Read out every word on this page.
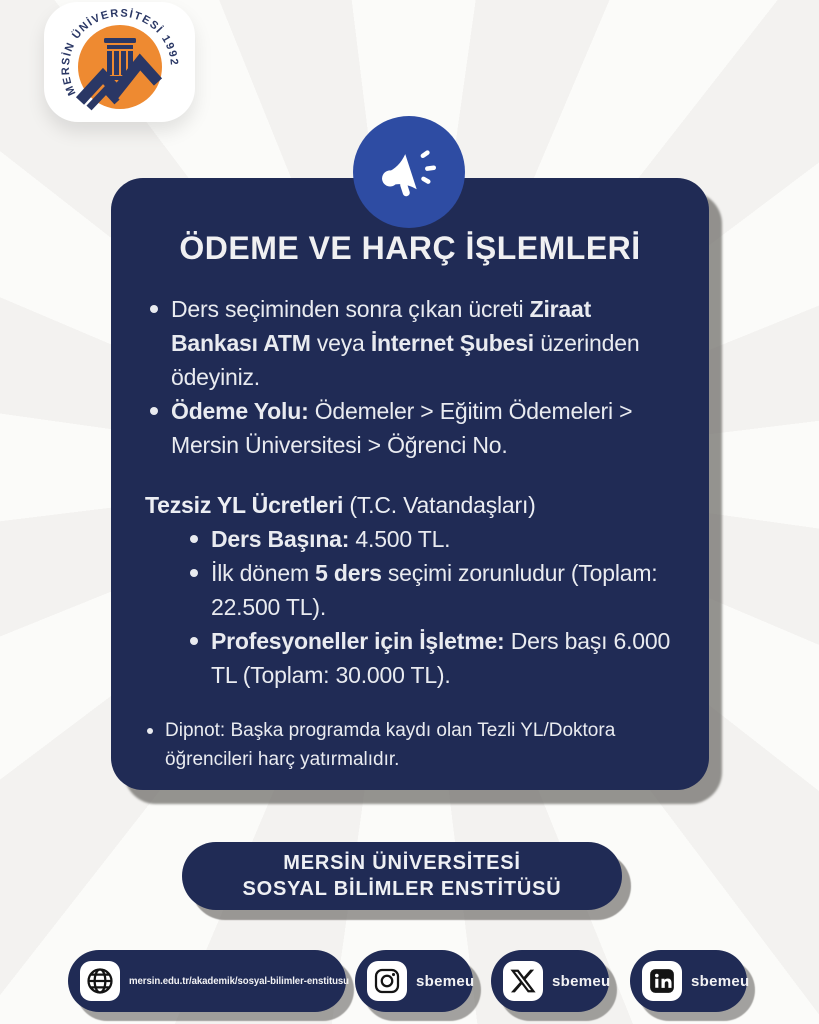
MERSİN ÜNİVERSİTESİ 1992
ÖDEME VE HARÇ İŞLEMLERİ
Ders seçiminden sonra çıkan ücreti Ziraat Bankası ATM veya İnternet Şubesi üzerinden ödeyiniz.
Ödeme Yolu: Ödemeler > Eğitim Ödemeleri > Mersin Üniversitesi > Öğrenci No.

Tezsiz YL Ücretleri (T.C. Vatandaşları)

Ders Başına: 4.500 TL.
İlk dönem 5 ders seçimi zorunludur (Toplam: 22.500 TL).
Profesyoneller için İşletme: Ders başı 6.000 TL (Toplam: 30.000 TL).
Dipnot: Başka programda kaydı olan Tezli YL/Doktora öğrencileri harç yatırmalıdır.
MERSİN ÜNİVERSİTESİ
SOSYAL BİLİMLER ENSTİTÜSÜ
mersin.edu.tr/akademik/sosyal-bilimler-enstitusu	sbemeu	sbemeu	sbemeu
